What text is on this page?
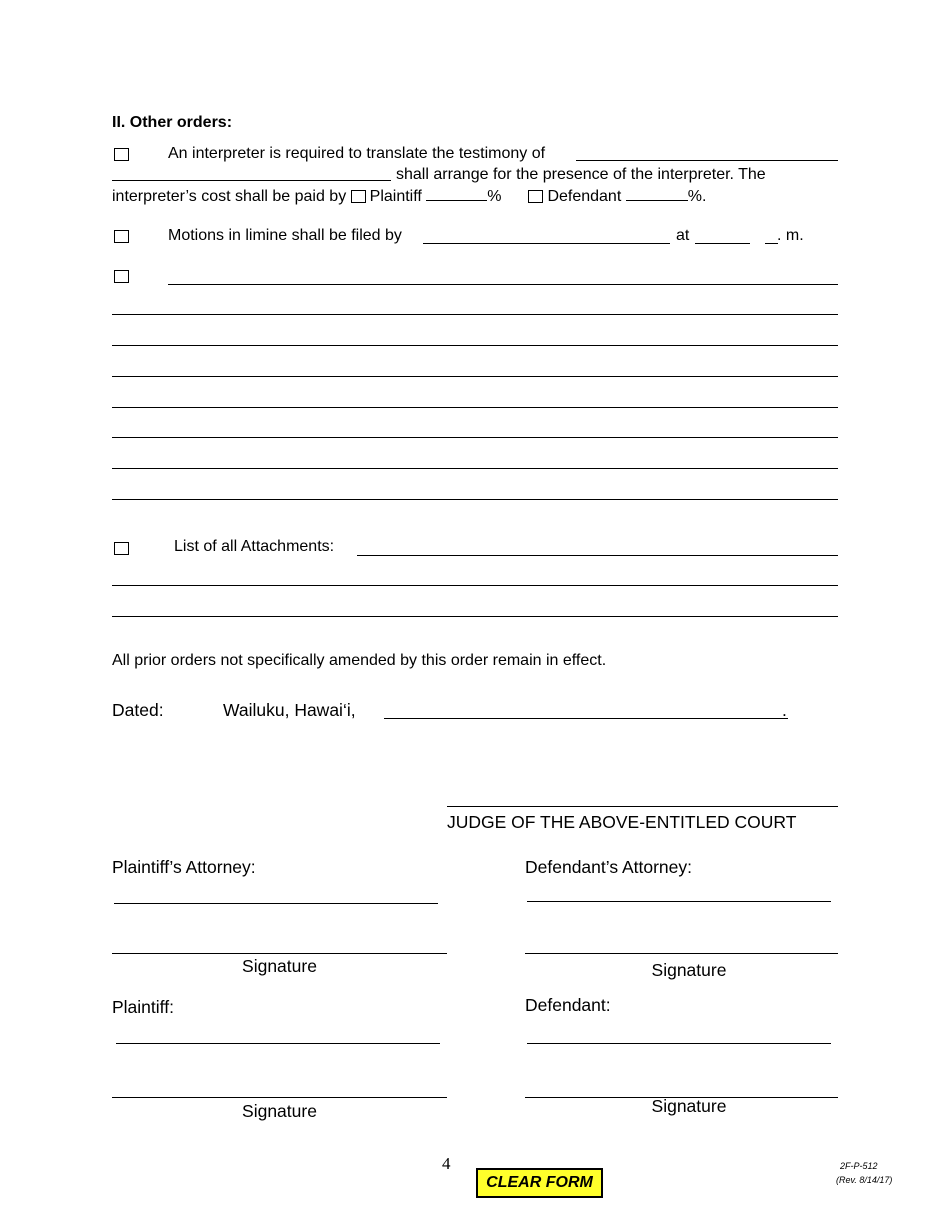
II. Other orders:
An interpreter is required to translate the testimony of
shall arrange for the presence of the interpreter. The
interpreter’s cost shall be paid by Plaintiff	%	Defendant	%.
Motions in limine shall be filed by	at	. m.
List of all Attachments:
All prior orders not specifically amended by this order remain in effect.
Dated:	Wailuku, Hawai‘i,	.
JUDGE OF THE ABOVE-ENTITLED COURT
Plaintiff’s Attorney:
Signature
Defendant’s Attorney:
Signature
Plaintiff:
Signature
Defendant:
Signature
4
CLEAR FORM
2F-P-512
(Rev. 8/14/17)
